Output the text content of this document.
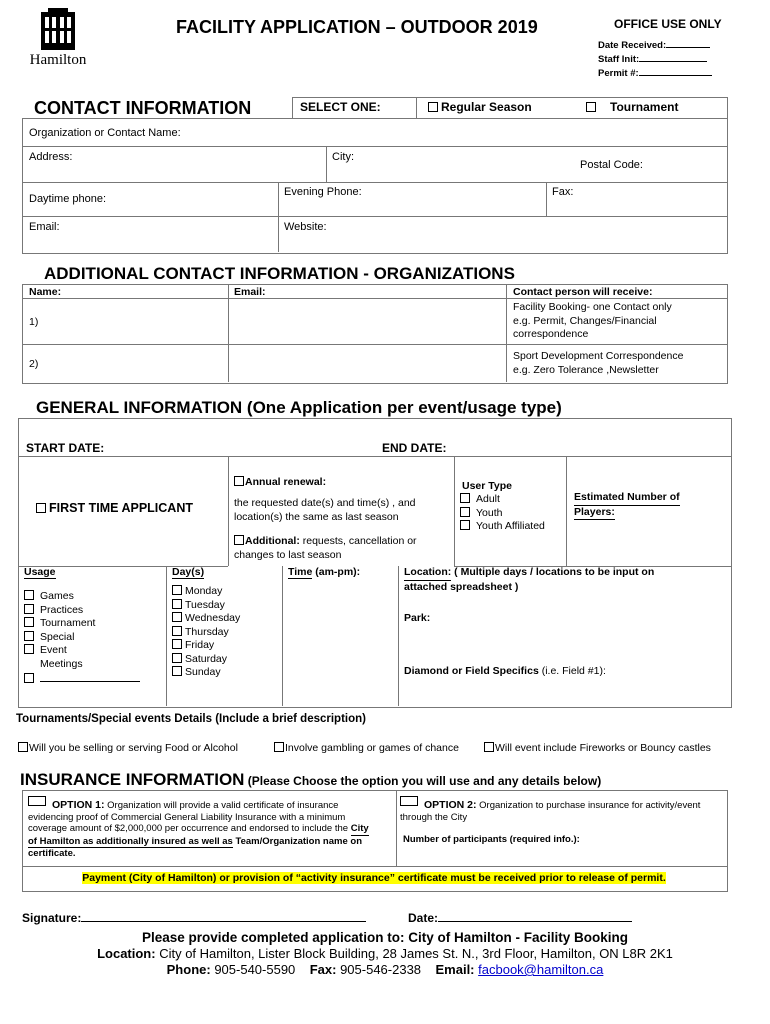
Hamilton
FACILITY APPLICATION – OUTDOOR 2019	OFFICE USE ONLY
Date Received:
Staff Init:
Permit #:
CONTACT INFORMATION	SELECT ONE:	Regular Season	Tournament
Organization or Contact Name:
Address:	City:
Postal Code:
Daytime phone:
Evening Phone:	Fax:
Email:	Website:
ADDITIONAL CONTACT INFORMATION - ORGANIZATIONS
Name:	Email:	Contact person will receive:
1)
Facility Booking- one Contact only
e.g. Permit, Changes/Financial
correspondence
2)
Sport Development Correspondence
e.g. Zero Tolerance ,Newsletter
GENERAL INFORMATION (One Application per event/usage type)
START DATE:	END DATE:
FIRST TIME APPLICANT
Annual renewal:
the requested date(s) and time(s) , and
location(s) the same as last season
Additional: requests, cancellation or
changes to last season
User Type
Adult
Youth
Youth Affiliated
Estimated Number of
Players:
Usage
Games
Practices
Tournament
Special
Event
Meetings
Day(s)
Monday
Tuesday
Wednesday
Thursday
Friday
Saturday
Sunday
Time (am-pm):	Location: ( Multiple days / locations to be input on
attached spreadsheet )
Park:
Diamond or Field Specifics (i.e. Field #1):
Tournaments/Special events Details (Include a brief description)
Will you be selling or serving Food or Alcohol	Involve gambling or games of chance	Will event include Fireworks or Bouncy castles
INSURANCE INFORMATION (Please Choose the option you will use and any details below)
OPTION 1: Organization will provide a valid certificate of insurance
evidencing proof of Commercial General Liability Insurance with a minimum
coverage amount of $2,000,000 per occurrence and endorsed to include the City
of Hamilton as additionally insured as well as Team/Organization name on
certificate.
OPTION 2: Organization to purchase insurance for activity/event
through the City
Number of participants (required info.):
Payment (City of Hamilton) or provision of “activity insurance” certificate must be received prior to release of permit.
Signature:	Date:
Please provide completed application to: City of Hamilton - Facility Booking
Location: City of Hamilton, Lister Block Building, 28 James St. N., 3rd Floor, Hamilton, ON L8R 2K1
Phone: 905-540-5590 Fax: 905-546-2338 Email: facbook@hamilton.ca
